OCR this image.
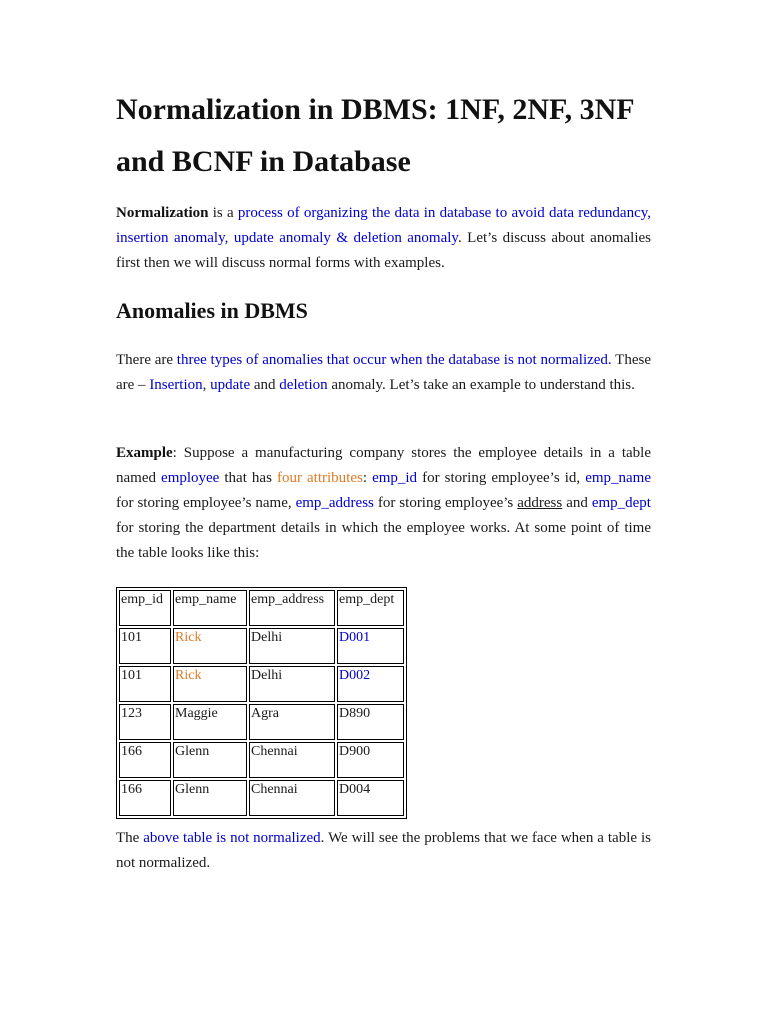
Normalization in DBMS: 1NF, 2NF, 3NF and BCNF in Database

Normalization is a process of organizing the data in database to avoid data redundancy, insertion anomaly, update anomaly & deletion anomaly. Let’s discuss about anomalies first then we will discuss normal forms with examples.

Anomalies in DBMS

There are three types of anomalies that occur when the database is not normalized. These are – Insertion, update and deletion anomaly. Let’s take an example to understand this.

Example: Suppose a manufacturing company stores the employee details in a table named employee that has four attributes: emp_id for storing employee’s id, emp_name for storing employee’s name, emp_address for storing employee’s address and emp_dept for storing the department details in which the employee works. At some point of time the table looks like this:

emp_id	emp_name	emp_address	emp_dept
101	Rick	Delhi	D001
101	Rick	Delhi	D002
123	Maggie	Agra	D890
166	Glenn	Chennai	D900
166	Glenn	Chennai	D004

The above table is not normalized. We will see the problems that we face when a table is not normalized.
